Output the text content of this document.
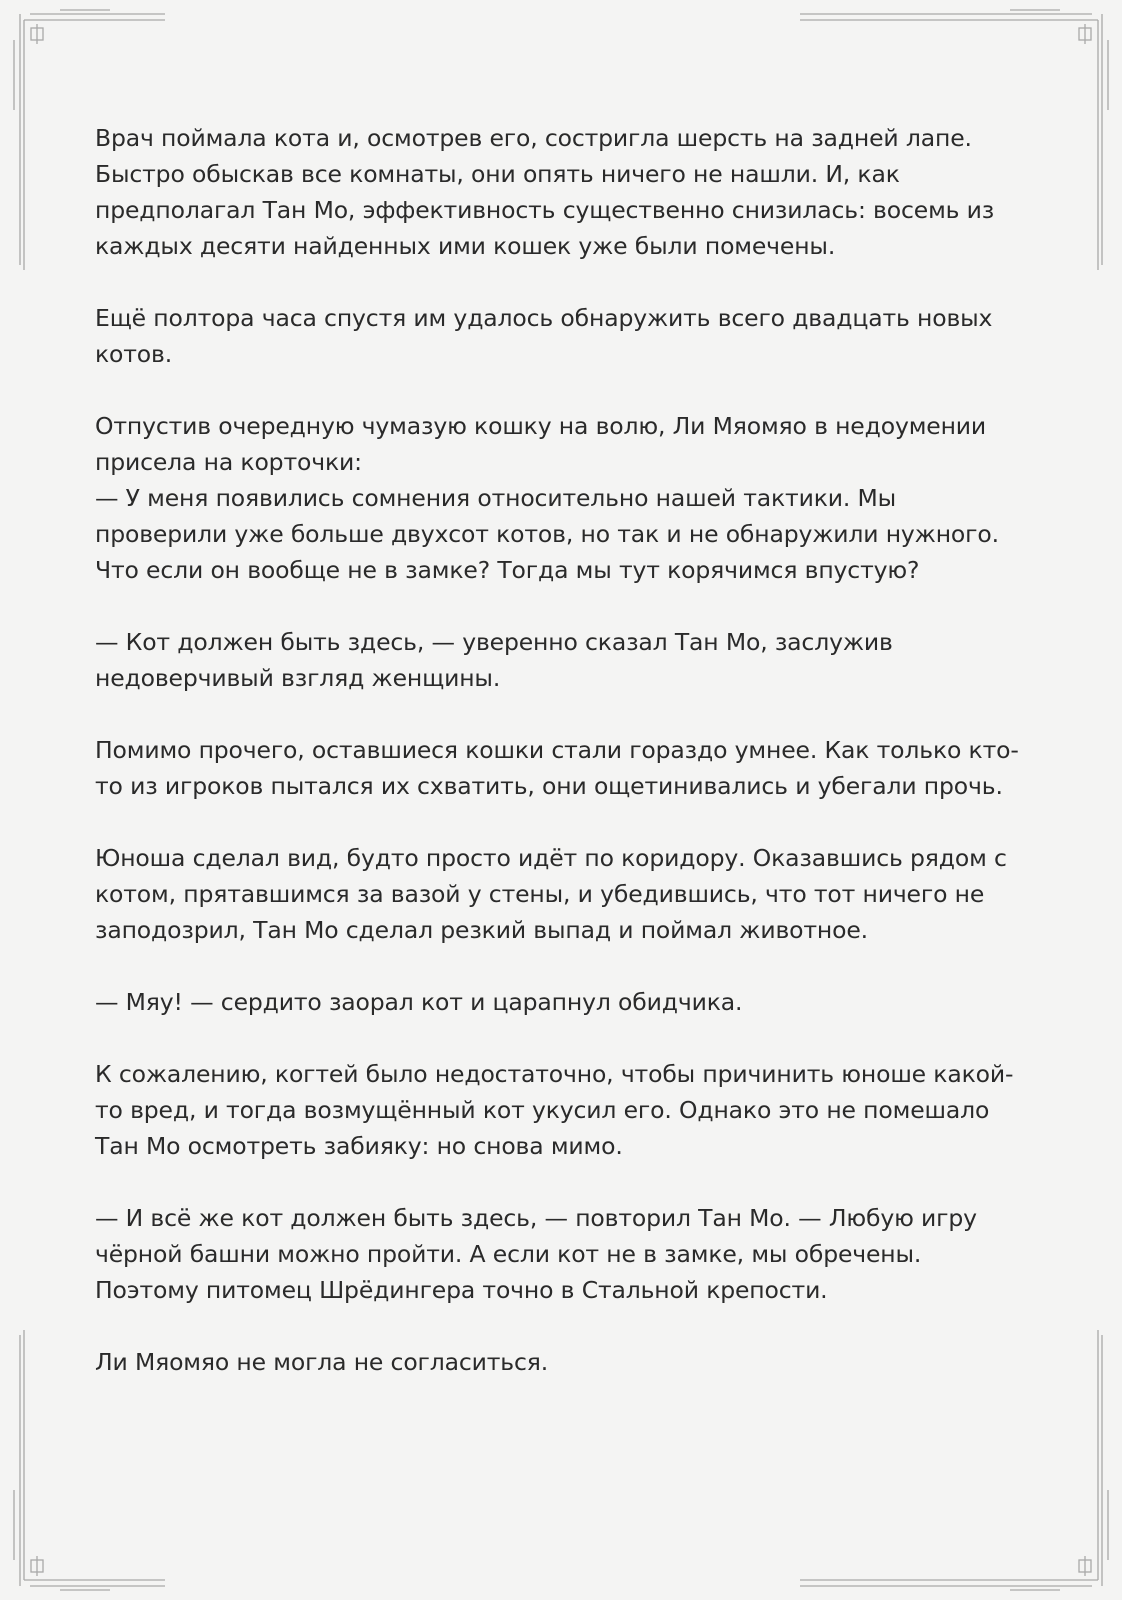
Врач поймала кота и, осмотрев его, состригла шерсть на задней лапе.
Быстро обыскав все комнаты, они опять ничего не нашли. И, как
предполагал Тан Мо, эффективность существенно снизилась: восемь из
каждых десяти найденных ими кошек уже были помечены.

Ещё полтора часа спустя им удалось обнаружить всего двадцать новых
котов.

Отпустив очередную чумазую кошку на волю, Ли Мяомяо в недоумении
присела на корточки:
— У меня появились сомнения относительно нашей тактики. Мы
проверили уже больше двухсот котов, но так и не обнаружили нужного.
Что если он вообще не в замке? Тогда мы тут корячимся впустую?

— Кот должен быть здесь, — уверенно сказал Тан Мо, заслужив
недоверчивый взгляд женщины.

Помимо прочего, оставшиеся кошки стали гораздо умнее. Как только кто-
то из игроков пытался их схватить, они ощетинивались и убегали прочь.

Юноша сделал вид, будто просто идёт по коридору. Оказавшись рядом с
котом, прятавшимся за вазой у стены, и убедившись, что тот ничего не
заподозрил, Тан Мо сделал резкий выпад и поймал животное.

— Мяу! — сердито заорал кот и царапнул обидчика.

К сожалению, когтей было недостаточно, чтобы причинить юноше какой-
то вред, и тогда возмущённый кот укусил его. Однако это не помешало
Тан Мо осмотреть забияку: но снова мимо.

— И всё же кот должен быть здесь, — повторил Тан Мо. — Любую игру
чёрной башни можно пройти. А если кот не в замке, мы обречены.
Поэтому питомец Шрёдингера точно в Стальной крепости.

Ли Мяомяо не могла не согласиться.
